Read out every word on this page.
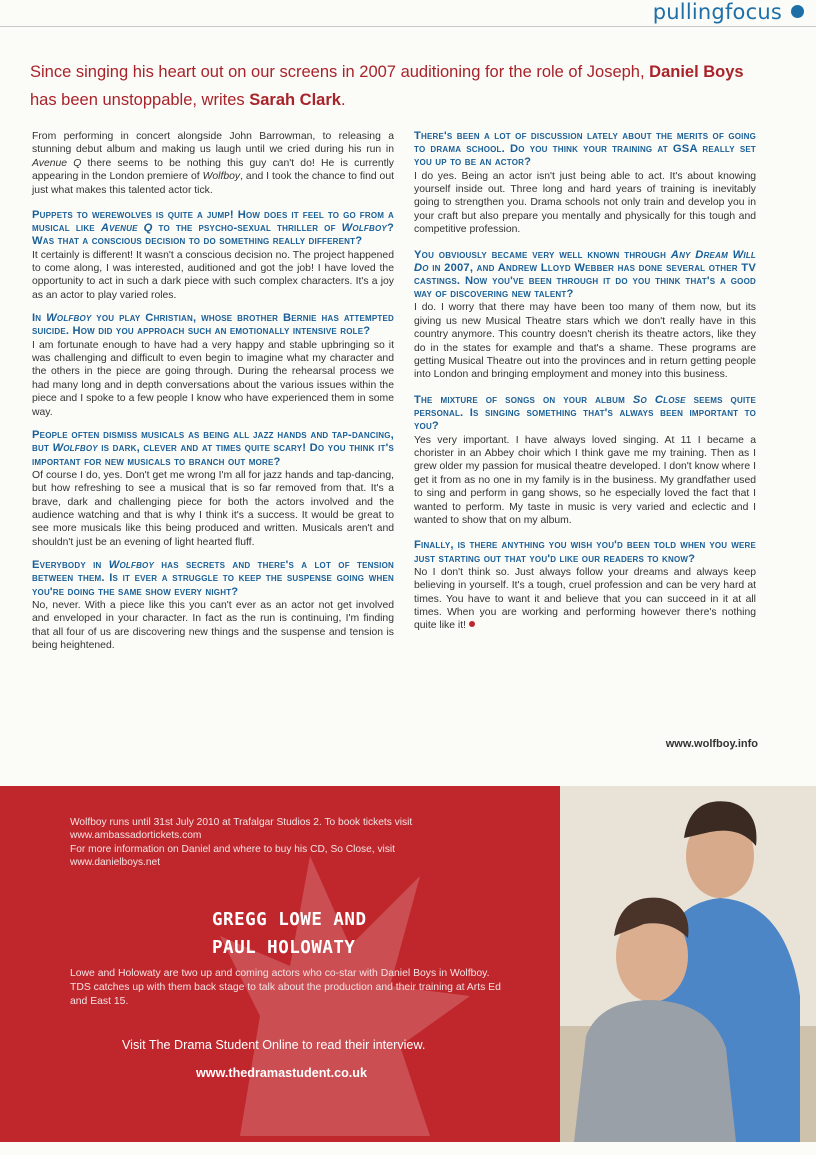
pullingfocus
Since singing his heart out on our screens in 2007 auditioning for the role of Joseph, Daniel Boys has been unstoppable, writes Sarah Clark.

From performing in concert alongside John Barrowman, to releasing a stunning debut album and making us laugh until we cried during his run in Avenue Q there seems to be nothing this guy can't do! He is currently appearing in the London premiere of Wolfboy, and I took the chance to find out just what makes this talented actor tick.

Puppets to werewolves is quite a jump! How does it feel to go from a musical like Avenue Q to the psycho-sexual thriller of Wolfboy? Was that a conscious decision to do something really different?

It certainly is different! It wasn't a conscious decision no. The project happened to come along, I was interested, auditioned and got the job! I have loved the opportunity to act in such a dark piece with such complex characters. It's a joy as an actor to play varied roles.

In Wolfboy you play Christian, whose brother Bernie has attempted suicide. How did you approach such an emotionally intensive role?

I am fortunate enough to have had a very happy and stable upbringing so it was challenging and difficult to even begin to imagine what my character and the others in the piece are going through. During the rehearsal process we had many long and in depth conversations about the various issues within the piece and I spoke to a few people I know who have experienced them in some way.

People often dismiss musicals as being all jazz hands and tap-dancing, but Wolfboy is dark, clever and at times quite scary! Do you think it's important for new musicals to branch out more?

Of course I do, yes. Don't get me wrong I'm all for jazz hands and tap-dancing, but how refreshing to see a musical that is so far removed from that. It's a brave, dark and challenging piece for both the actors involved and the audience watching and that is why I think it's a success. It would be great to see more musicals like this being produced and written. Musicals aren't and shouldn't just be an evening of light hearted fluff.

Everybody in Wolfboy has secrets and there's a lot of tension between them. Is it ever a struggle to keep the suspense going when you're doing the same show every night?

No, never. With a piece like this you can't ever as an actor not get involved and enveloped in your character. In fact as the run is continuing, I'm finding that all four of us are discovering new things and the suspense and tension is being heightened.

There's been a lot of discussion lately about the merits of going to drama school. Do you think your training at GSA really set you up to be an actor?

I do yes. Being an actor isn't just being able to act. It's about knowing yourself inside out. Three long and hard years of training is inevitably going to strengthen you. Drama schools not only train and develop you in your craft but also prepare you mentally and physically for this tough and competitive profession.

You obviously became very well known through Any Dream Will Do in 2007, and Andrew Lloyd Webber has done several other TV castings. Now you've been through it do you think that's a good way of discovering new talent?

I do. I worry that there may have been too many of them now, but its giving us new Musical Theatre stars which we don't really have in this country anymore. This country doesn't cherish its theatre actors, like they do in the states for example and that's a shame. These programs are getting Musical Theatre out into the provinces and in return getting people into London and bringing employment and money into this business.

The mixture of songs on your album So Close seems quite personal. Is singing something that's always been important to you?

Yes very important. I have always loved singing. At 11 I became a chorister in an Abbey choir which I think gave me my training. Then as I grew older my passion for musical theatre developed. I don't know where I get it from as no one in my family is in the business. My grandfather used to sing and perform in gang shows, so he especially loved the fact that I wanted to perform. My taste in music is very varied and eclectic and I wanted to show that on my album.

Finally, is there anything you wish you'd been told when you were just starting out that you'd like our readers to know?

No I don't think so. Just always follow your dreams and always keep believing in yourself. It's a tough, cruel profession and can be very hard at times. You have to want it and believe that you can succeed in it at all times. When you are working and performing however there's nothing quite like it!

www.wolfboy.info
Wolfboy runs until 31st July 2010 at Trafalgar Studios 2. To book tickets visit
www.ambassadortickets.com
For more information on Daniel and where to buy his CD, So Close, visit
www.danielboys.net
GREGG LOWE AND
PAUL HOLOWATY
Lowe and Holowaty are two up and coming actors who co-star with Daniel Boys in Wolfboy. TDS catches up with them back stage to talk about the production and their training at Arts Ed and East 15.
Visit The Drama Student Online to read their interview.
www.thedramastudent.co.uk
